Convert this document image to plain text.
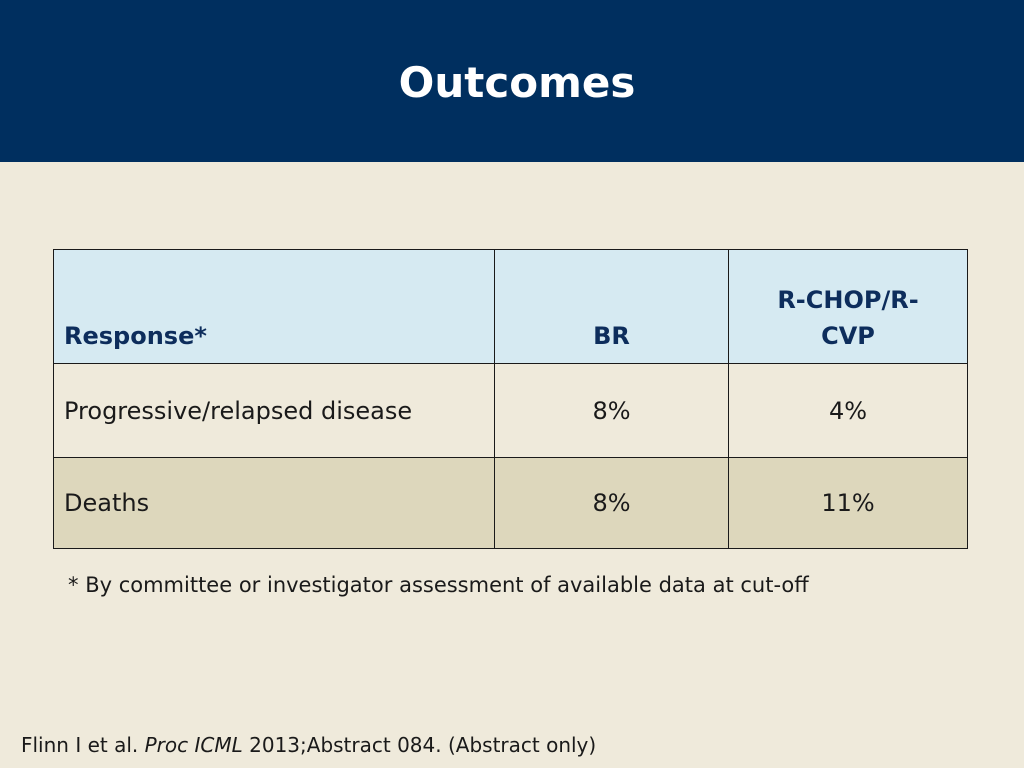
Outcomes
Response*	BR	R-CHOP/R-
CVP
Progressive/relapsed disease	8%	4%
Deaths	8%	11%
* By committee or investigator assessment of available data at cut-off
Flinn I et al. Proc ICML 2013;Abstract 084. (Abstract only)
